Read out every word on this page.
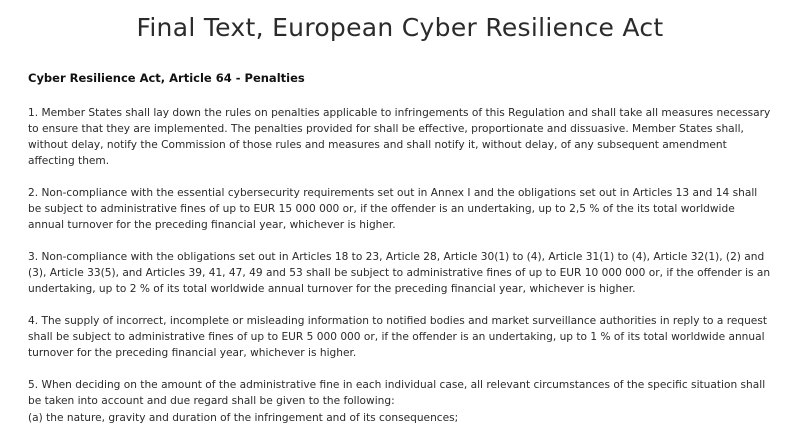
Final Text, European Cyber Resilience Act

Cyber Resilience Act, Article 64 - Penalties

1. Member States shall lay down the rules on penalties applicable to infringements of this Regulation and shall take all measures necessary to ensure that they are implemented. The penalties provided for shall be effective, proportionate and dissuasive. Member States shall, without delay, notify the Commission of those rules and measures and shall notify it, without delay, of any subsequent amendment affecting them.

2. Non-compliance with the essential cybersecurity requirements set out in Annex I and the obligations set out in Articles 13 and 14 shall be subject to administrative fines of up to EUR 15 000 000 or, if the offender is an undertaking, up to 2,5 % of the its total worldwide annual turnover for the preceding financial year, whichever is higher.

3. Non-compliance with the obligations set out in Articles 18 to 23, Article 28, Article 30(1) to (4), Article 31(1) to (4), Article 32(1), (2) and (3), Article 33(5), and Articles 39, 41, 47, 49 and 53 shall be subject to administrative fines of up to EUR 10 000 000 or, if the offender is an undertaking, up to 2 % of its total worldwide annual turnover for the preceding financial year, whichever is higher.

4. The supply of incorrect, incomplete or misleading information to notified bodies and market surveillance authorities in reply to a request shall be subject to administrative fines of up to EUR 5 000 000 or, if the offender is an undertaking, up to 1 % of its total worldwide annual turnover for the preceding financial year, whichever is higher.

5. When deciding on the amount of the administrative fine in each individual case, all relevant circumstances of the specific situation shall be taken into account and due regard shall be given to the following:

(a) the nature, gravity and duration of the infringement and of its consequences;
